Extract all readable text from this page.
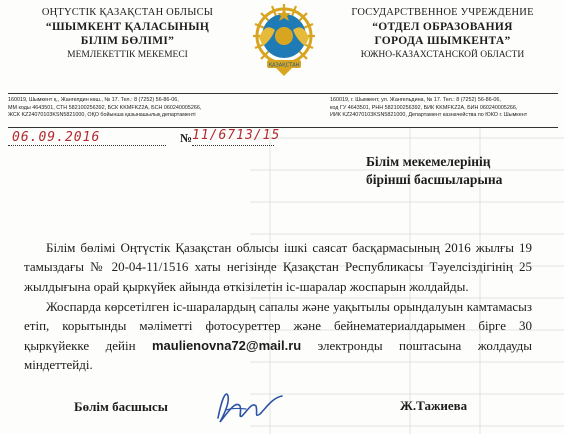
ОҢТҮСТІК ҚАЗАҚСТАН ОБЛЫСЫ
“ШЫМКЕНТ ҚАЛАСЫНЫҢ
БІЛІМ БӨЛІМІ”
МЕМЛЕКЕТТІК МЕКЕМЕСІ
ҚАЗАҚСТАН
ГОСУДАРСТВЕННОЕ УЧРЕЖДЕНИЕ
“ОТДЕЛ ОБРАЗОВАНИЯ
ГОРОДА ШЫМКЕНТА”
ЮЖНО-КАЗАХСТАНСКОЙ ОБЛАСТИ
160019, Шымкент қ., Жангелдин көш., № 17. Тел.: 8 (7252) 56-86-06,
ММ коды 4643501, СТН 582100256392, БСК KKMFKZ2A, БСН 060240005266,
ЖСК KZ24070103KSN5821000, ОҚО бойынша қазынашылық департаменті
160019, г. Шымкент, ул. Жангельдина, № 17. Тел.: 8 (7252) 56-86-06,
код ГУ 4643501, РНН 582100256392, БИК KKMFKZ2A, БИН 060240005266,
ИИК KZ24070103KSN5821000, Департамент казначейства по ЮКО г. Шымкент
06.09.2016	№ 11/6713/15
Білім мекемелерінің
бірінші басшыларына
Білім бөлімі Оңтүстік Қазақстан облысы ішкі саясат басқармасының 2016 жылғы 19 тамыздағы № 20-04-11/1516 хаты негізінде Қазақстан Республикасы Тәуелсіздігінің 25 жылдығына орай қыркүйек айында өткізілетін іс-шаралар жоспарын жолдайды.
Жоспарда көрсетілген іс-шаралардың сапалы және уақытылы орындалуын камтамасыз етіп, корытынды мәліметті фотосуреттер және бейнематериалдарымен бірге 30 қыркүйекке дейін maulienovna72@mail.ru электронды поштасына жолдауды міндеттейді.
Бөлім басшысы	Ж.Тажиева
